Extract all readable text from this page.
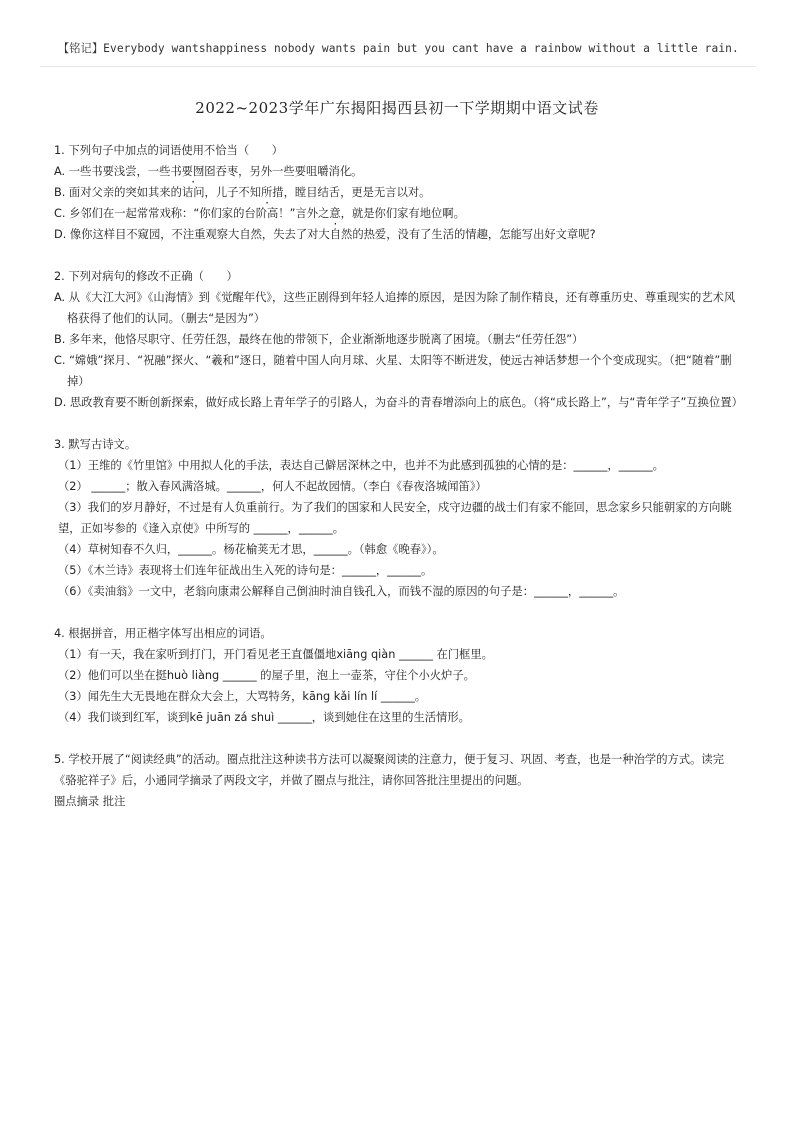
【铭记】Everybody wantshappiness nobody wants pain but you cant have a rainbow without a little rain.
2022~2023学年广东揭阳揭西县初一下学期期中语文试卷
1. 下列句子中加点的词语使用不恰当（　　）
A. 一些书要浅尝，一些书要囫囵吞枣，另外一些要咀嚼消化。
B. 面对父亲的突如其来的诘问，儿子不知所措，瞠目结舌，更是无言以对。
C. 乡邻们在一起常常戏称：“你们家的台阶高！”言外之意，就是你们家有地位啊。
D. 像你这样目不窥园，不注重观察大自然，失去了对大自然的热爱，没有了生活的情趣，怎能写出好文章呢?
2. 下列对病句的修改不正确（　　）
A. 从《大江大河》《山海情》到《觉醒年代》，这些正剧得到年轻人追捧的原因，是因为除了制作精良，还有尊重历史、尊重现实的艺术风格获得了他们的认同。（删去“是因为”）
B. 多年来，他恪尽职守、任劳任怨，最终在他的带领下，企业渐渐地逐步脱离了困境。（删去“任劳任怨”）
C. “嫦娥”探月、“祝融”探火、“羲和”逐日，随着中国人向月球、火星、太阳等不断进发，使远古神话梦想一个个变成现实。（把“随着”删掉）
D. 思政教育要不断创新探索，做好成长路上青年学子的引路人，为奋斗的青春增添向上的底色。（将“成长路上”，与“青年学子”互换位置）
3. 默写古诗文。
（1）王维的《竹里馆》中用拟人化的手法，表达自己僻居深林之中，也并不为此感到孤独的心情的是：______，______。
（2） ______；散入春风满洛城。______，何人不起故园情。（李白《春夜洛城闻笛》）
（3）我们的岁月静好，不过是有人负重前行。为了我们的国家和人民安全，戍守边疆的战士们有家不能回，思念家乡只能朝家的方向眺望，正如岑参的《逢入京使》中所写的 ______，______。
（4）草树知春不久归，______。杨花榆荚无才思，______。（韩愈《晚春》）。
（5）《木兰诗》表现将士们连年征战出生入死的诗句是：______，______。
（6）《卖油翁》一文中，老翁向康肃公解释自己倒油时油自钱孔入，而钱不湿的原因的句子是：______，______。
4. 根据拼音，用正楷字体写出相应的词语。
（1）有一天，我在家听到打门，开门看见老王直僵僵地xiāng qiàn ______ 在门框里。
（2）他们可以坐在挺huò liàng ______ 的屋子里，泡上一壶茶，守住个小火炉子。
（3）闻先生大无畏地在群众大会上，大骂特务，kāng kǎi lín lí ______。
（4）我们谈到红军，谈到kē juān zá shuì ______，谈到她住在这里的生活情形。
5. 学校开展了“阅读经典”的活动。圈点批注这种读书方法可以凝聚阅读的注意力，便于复习、巩固、考查，也是一种治学的方式。读完《骆驼祥子》后，小通同学摘录了两段文字，并做了圈点与批注，请你回答批注里提出的问题。
圈点摘录 批注
